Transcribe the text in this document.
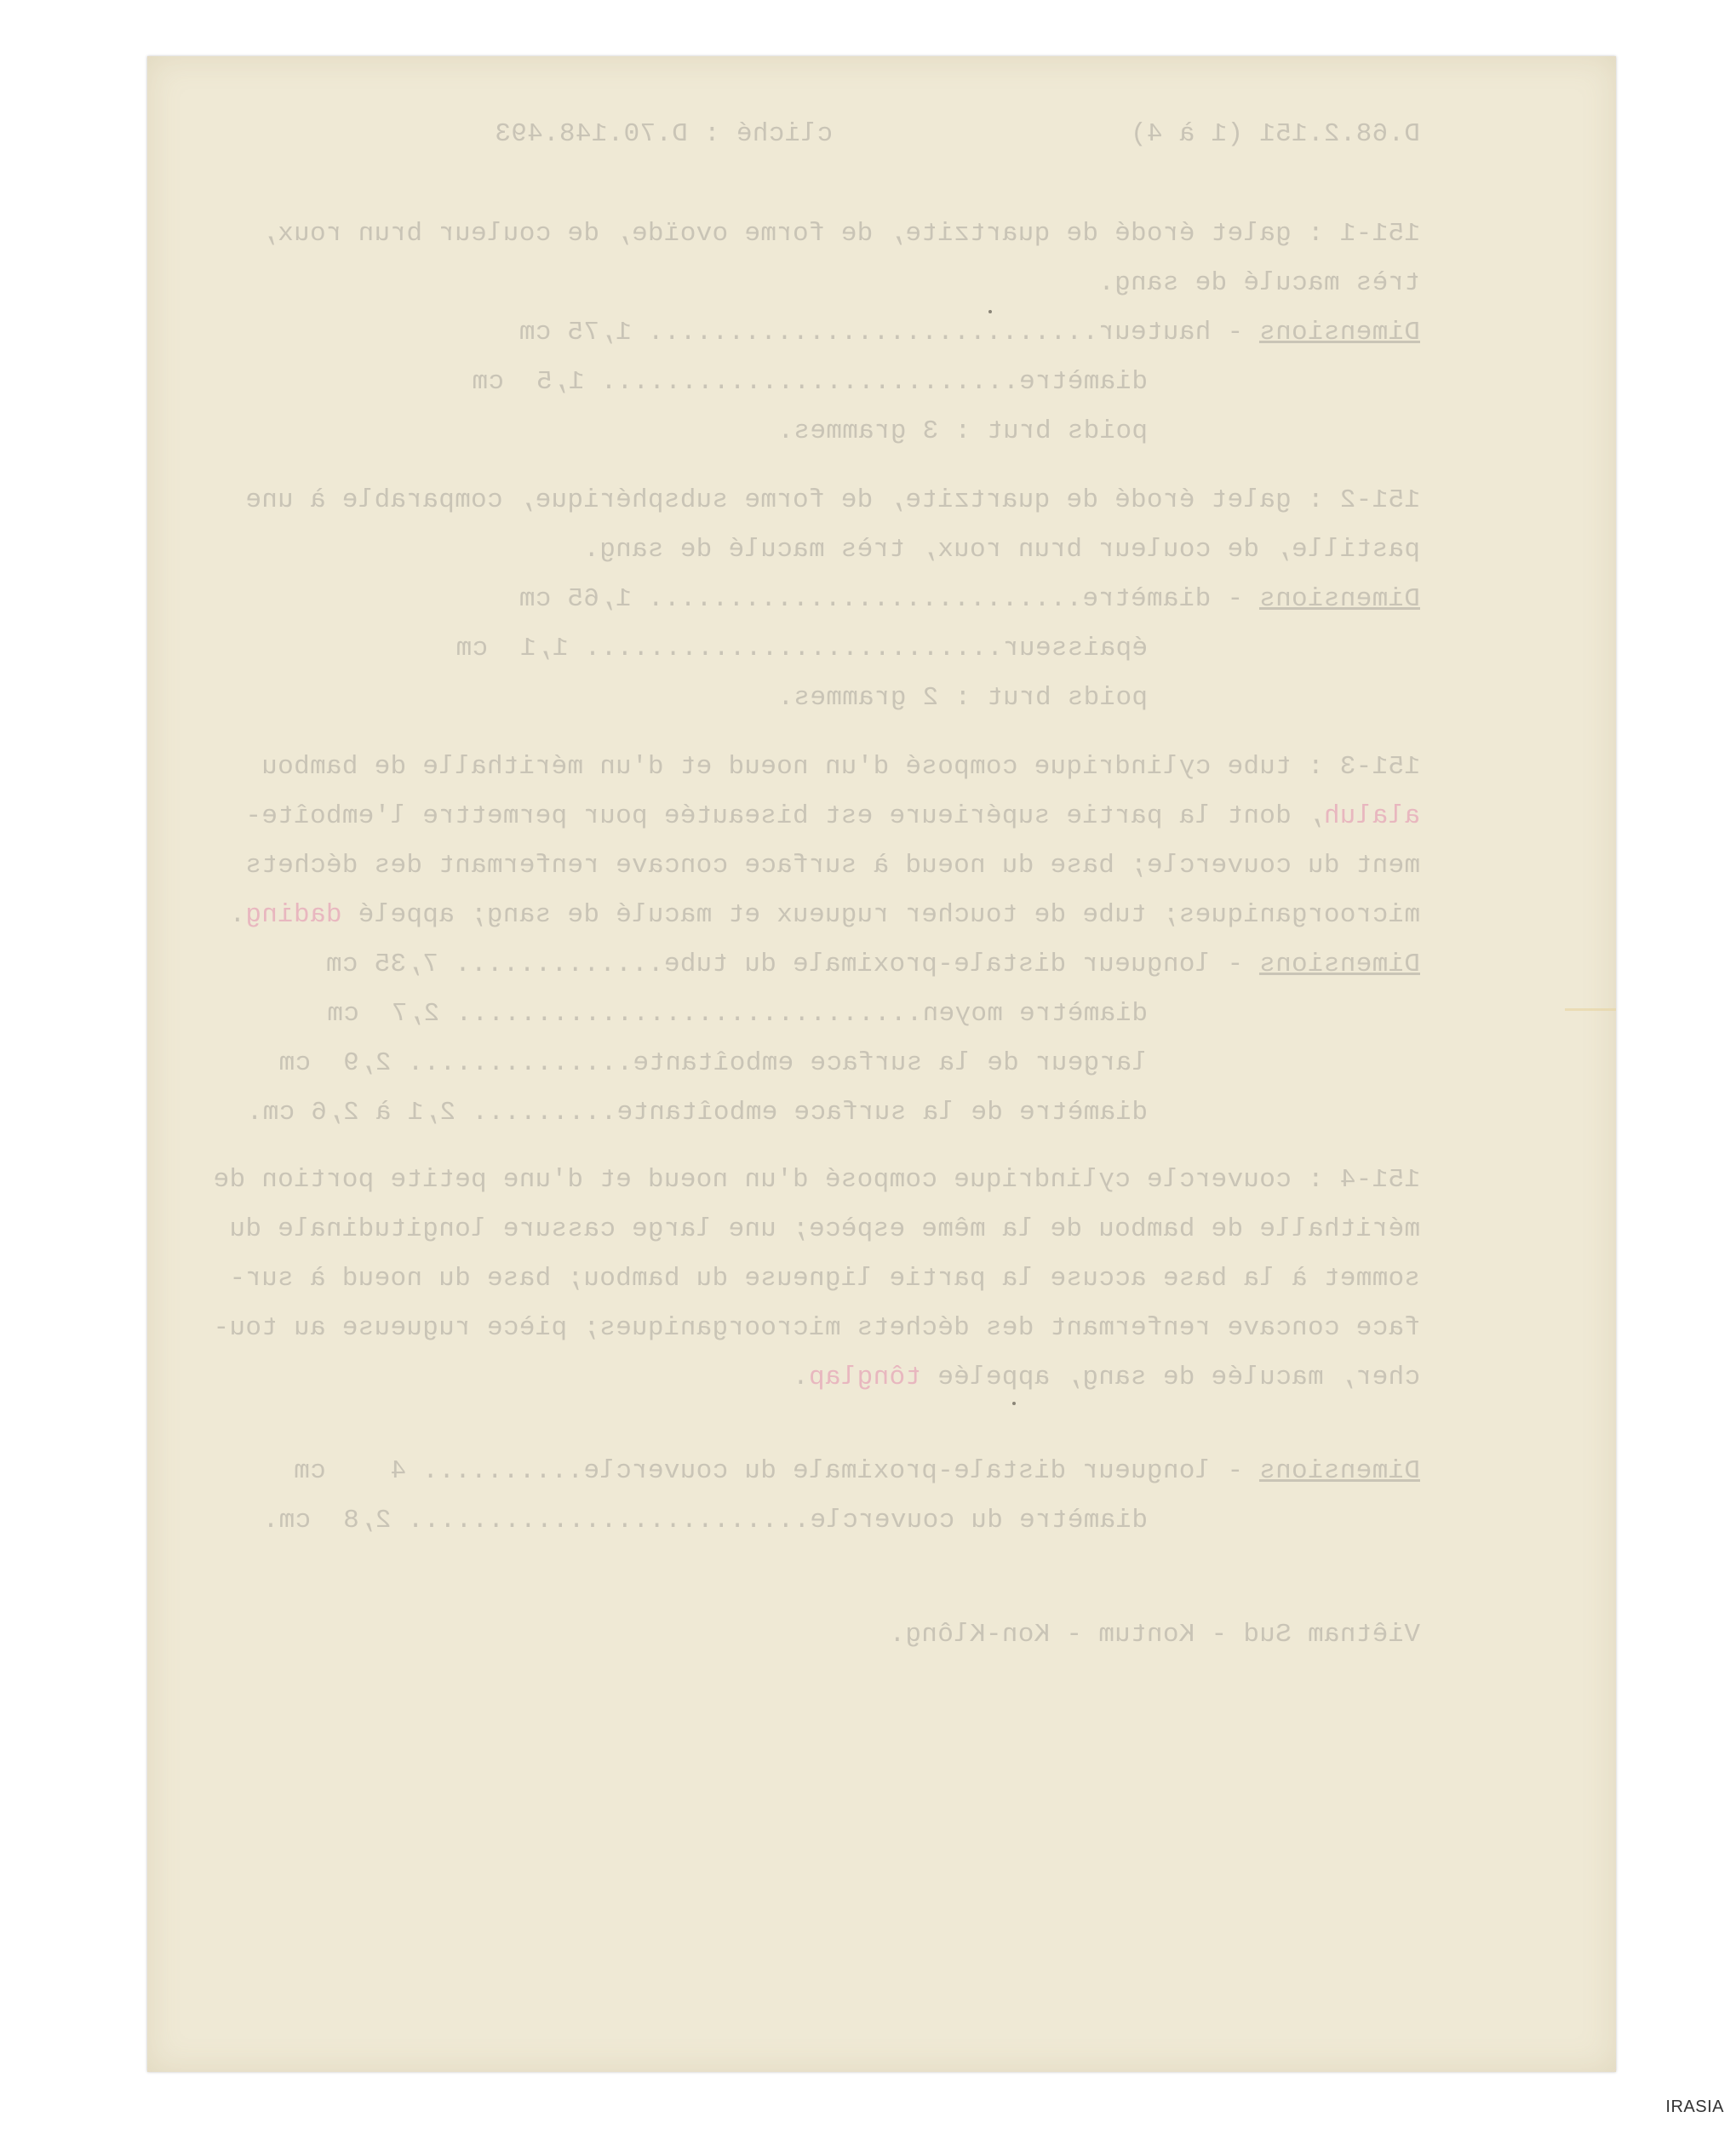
D.68.2.151 (1 à 4)
cliché : D.70.148.493
151-1 : galet érodé de quartzite, de forme ovoïde, de couleur brun roux,
très maculé de sang.
Dimensions - hauteur............................ 1,75 cm
diamètre.......................... 1,5  cm
poids brut : 3 grammes.
151-2 : galet érodé de quartzite, de forme subsphérique, comparable à une
pastille, de couleur brun roux, très maculé de sang.
Dimensions - diamètre........................... 1,65 cm
épaisseur.......................... 1,1  cm
poids brut : 2 grammes.
151-3 : tube cylindrique composé d'un noeud et d'un mérithalle de bambou
alaluh, dont la partie supérieure est biseautée pour permettre l'emboîte-
ment du couvercle; base du noeud à surface concave renfermant des déchets
microorganiques; tube de toucher rugueux et maculé de sang; appelé dading.
Dimensions - longueur distale-proximale du tube............. 7,35 cm
diamètre moyen............................. 2,7  cm
largeur de la surface emboîtante.............. 2,9  cm
diamètre de la surface emboîtante......... 2,1 à 2,6 cm.
151-4 : couvercle cylindrique composé d'un noeud et d'une petite portion de
mérithalle de bambou de la même espèce; une large cassure longitudinale du
sommet à la base accuse la partie ligneuse du bambou; base du noeud à sur-
face concave renfermant des déchets microorganiques; pièce rugueuse au tou-
cher, maculée de sang, appelée tônglap.
Dimensions - longueur distale-proximale du couvercle.......... 4    cm
diamètre du couvercle......................... 2,8  cm.
Viêtnam Sud - Kontum - Kon-Klông.
IRASIA
